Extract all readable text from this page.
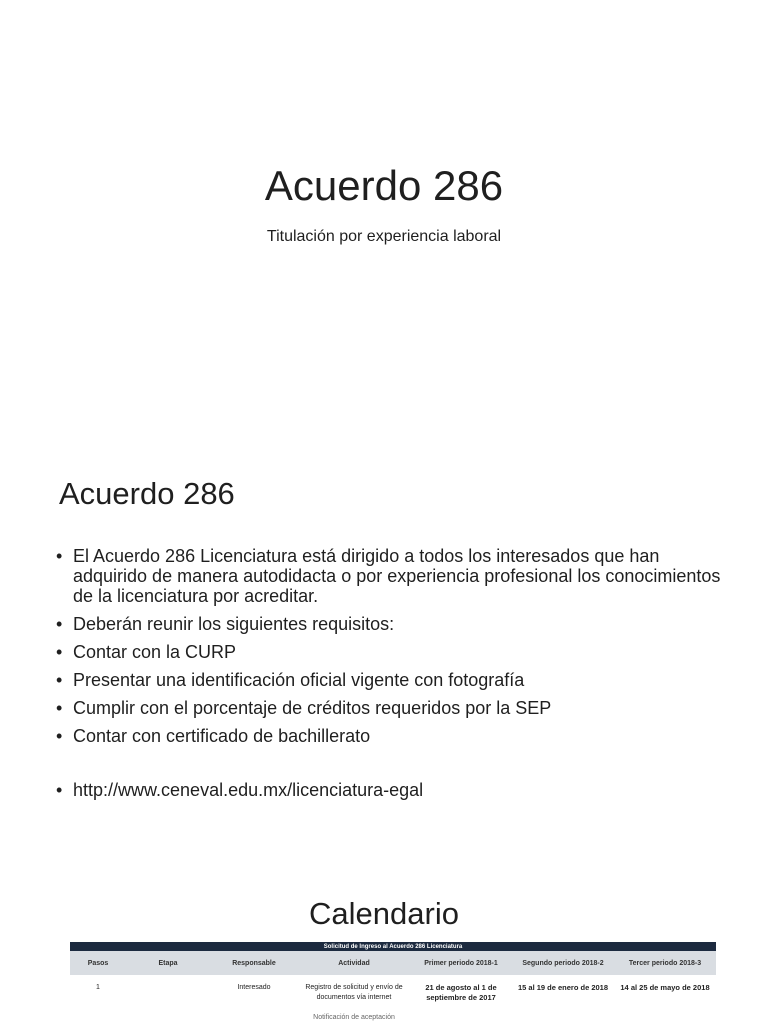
Acuerdo 286

Titulación por experiencia laboral

Acuerdo 286
• El Acuerdo 286 Licenciatura está dirigido a todos los interesados que han adquirido de manera autodidacta o por experiencia profesional los conocimientos de la licenciatura por acreditar.
• Deberán reunir los siguientes requisitos:
• Contar con la CURP
• Presentar una identificación oficial vigente con fotografía
• Cumplir con el porcentaje de créditos requeridos por la SEP
• Contar con certificado de bachillerato
• http://www.ceneval.edu.mx/licenciatura-egal
Calendario
Solicitud de Ingreso al Acuerdo 286 Licenciatura						
Pasos	Etapa	Responsable	Actividad	Primer periodo 2018-1	Segundo periodo 2018-2	Tercer periodo 2018-3
1		Interesado	Registro de solicitud y envío de documentos vía internet	21 de agosto al 1 de septiembre de 2017	15 al 19 de enero de 2018	14 al 25 de mayo de 2018
			Notificación de aceptación			
